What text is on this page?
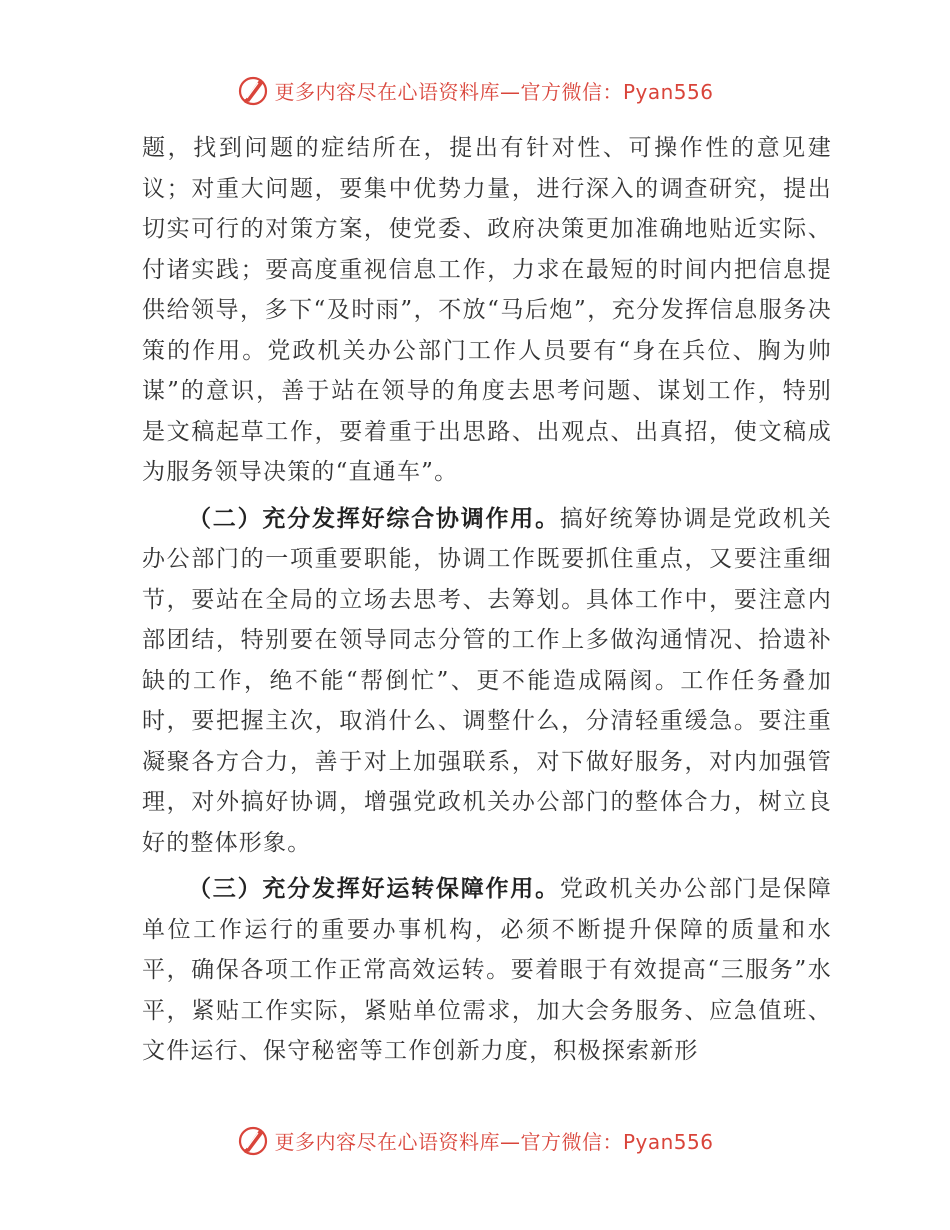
更多内容尽在心语资料库—官方微信：Pyan556

题，找到问题的症结所在，提出有针对性、可操作性的意见建议；对重大问题，要集中优势力量，进行深入的调查研究，提出切实可行的对策方案，使党委、政府决策更加准确地贴近实际、付诸实践；要高度重视信息工作，力求在最短的时间内把信息提供给领导，多下“及时雨”，不放“马后炮”，充分发挥信息服务决策的作用。党政机关办公部门工作人员要有“身在兵位、胸为帅谋”的意识，善于站在领导的角度去思考问题、谋划工作，特别是文稿起草工作，要着重于出思路、出观点、出真招，使文稿成为服务领导决策的“直通车”。

（二）充分发挥好综合协调作用。搞好统筹协调是党政机关办公部门的一项重要职能，协调工作既要抓住重点，又要注重细节，要站在全局的立场去思考、去筹划。具体工作中，要注意内部团结，特别要在领导同志分管的工作上多做沟通情况、拾遗补缺的工作，绝不能“帮倒忙”、更不能造成隔阂。工作任务叠加时，要把握主次，取消什么、调整什么，分清轻重缓急。要注重凝聚各方合力，善于对上加强联系，对下做好服务，对内加强管理，对外搞好协调，增强党政机关办公部门的整体合力，树立良好的整体形象。

（三）充分发挥好运转保障作用。党政机关办公部门是保障单位工作运行的重要办事机构，必须不断提升保障的质量和水平，确保各项工作正常高效运转。要着眼于有效提高“三服务”水平，紧贴工作实际，紧贴单位需求，加大会务服务、应急值班、文件运行、保守秘密等工作创新力度，积极探索新形

更多内容尽在心语资料库—官方微信：Pyan556
